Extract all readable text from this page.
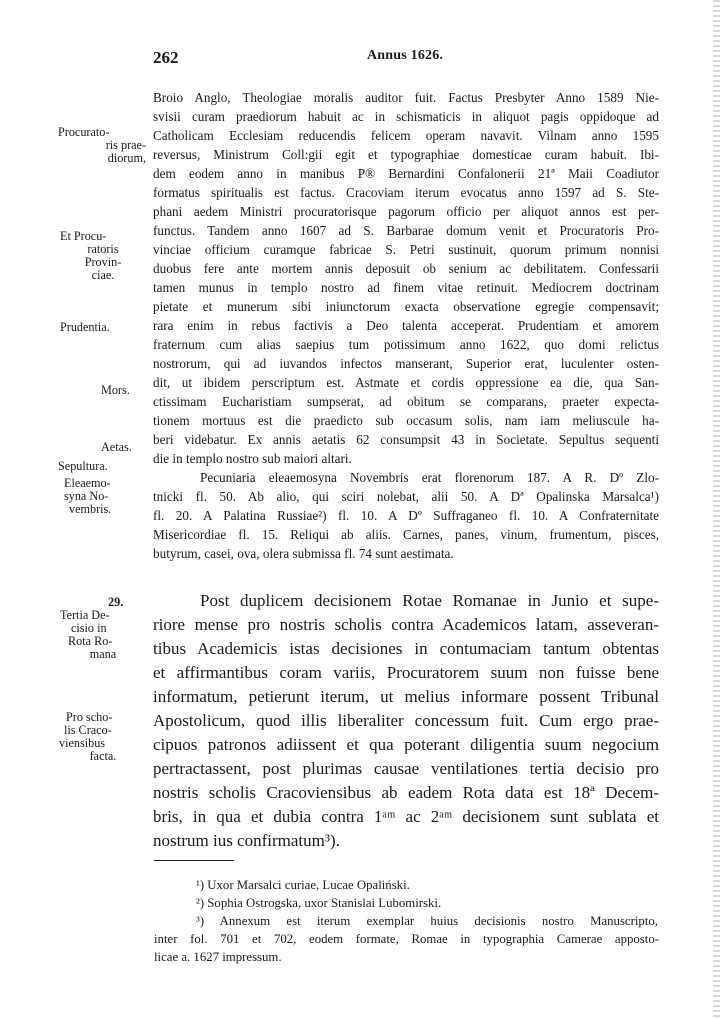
262	Annus 1626.
Procurato-
ris prae-
diorum,
Et Procu-
ratoris
Provin-
ciae.
Prudentia.
Mors.
Aetas.
Sepultura.
Eleaemo-
syna No-
vembris.
29.
Tertia De-
cisio in
Rota Ro-
mana
Pro scho-
lis Craco-
viensibus
facta.
Broio Anglo, Theologiae moralis auditor fuit. Factus Presbyter Anno 1589 Nie-
svisii curam praediorum habuit ac in schismaticis in aliquot pagis oppidoque ad
Catholicam Ecclesiam reducendis felicem operam navavit. Vilnam anno 1595
reversus, Ministrum Coll:gii egit et typographiae domesticae curam habuit. Ibi-
dem eodem anno in manibus P® Bernardini Confalonerii 21ª Maii Coadiutor
formatus spiritualis est factus. Cracoviam iterum evocatus anno 1597 ad S. Ste-
phani aedem Ministri procuratorisque pagorum officio per aliquot annos est per-
functus. Tandem anno 1607 ad S. Barbarae domum venit et Procuratoris Pro-
vinciae officium curamque fabricae S. Petri sustinuit, quorum primum nonnisi
duobus fere ante mortem annis deposuit ob senium ac debilitatem. Confessarii
tamen munus in templo nostro ad finem vitae retinuit. Mediocrem doctrinam
pietate et munerum sibi iniunctorum exacta observatione egregie compensavit;
rara enim in rebus factivis a Deo talenta acceperat. Prudentiam et amorem
fraternum cum alias saepius tum potissimum anno 1622, quo domi relictus
nostrorum, qui ad iuvandos infectos manserant, Superior erat, luculenter osten-
dit, ut ibidem perscriptum est. Astmate et cordis oppressione ea die, qua San-
ctissimam Eucharistiam sumpserat, ad obitum se comparans, praeter expecta-
tionem mortuus est die praedicto sub occasum solis, nam iam meliuscule ha-
beri videbatur. Ex annis aetatis 62 consumpsit 43 in Societate. Sepultus sequenti
die in templo nostro sub maiori altari.
Pecuniaria eleaemosyna Novembris erat florenorum 187. A R. Dº Zlo-
tnicki fl. 50. Ab alio, qui sciri nolebat, alii 50. A Dª Opalinska Marsalca¹)
fl. 20. A Palatina Russiae²) fl. 10. A Dº Suffraganeo fl. 10. A Confraternitate
Misericordiae fl. 15. Reliqui ab aliis. Carnes, panes, vinum, frumentum, pisces,
butyrum, casei, ova, olera submissa fl. 74 sunt aestimata.
Post duplicem decisionem Rotae Romanae in Junio et supe-
riore mense pro nostris scholis contra Academicos latam, asseveran-
tibus Academicis istas decisiones in contumaciam tantum obtentas
et affirmantibus coram variis, Procuratorem suum non fuisse bene
informatum, petierunt iterum, ut melius informare possent Tribunal
Apostolicum, quod illis liberaliter concessum fuit. Cum ergo prae-
cipuos patronos adiissent et qua poterant diligentia suum negocium
pertractassent, post plurimas causae ventilationes tertia decisio pro
nostris scholis Cracoviensibus ab eadem Rota data est 18ª Decem-
bris, in qua et dubia contra 1ᵃᵐ ac 2ᵃᵐ decisionem sunt sublata et
nostrum ius confirmatum³).
¹) Uxor Marsalci curiae, Lucae Opaliński.
²) Sophia Ostrogska, uxor Stanislai Lubomirski.
³) Annexum est iterum exemplar huius decisionis nostro Manuscripto,
inter fol. 701 et 702, eodem formate, Romae in typographia Camerae apposto-
licae a. 1627 impressum.
